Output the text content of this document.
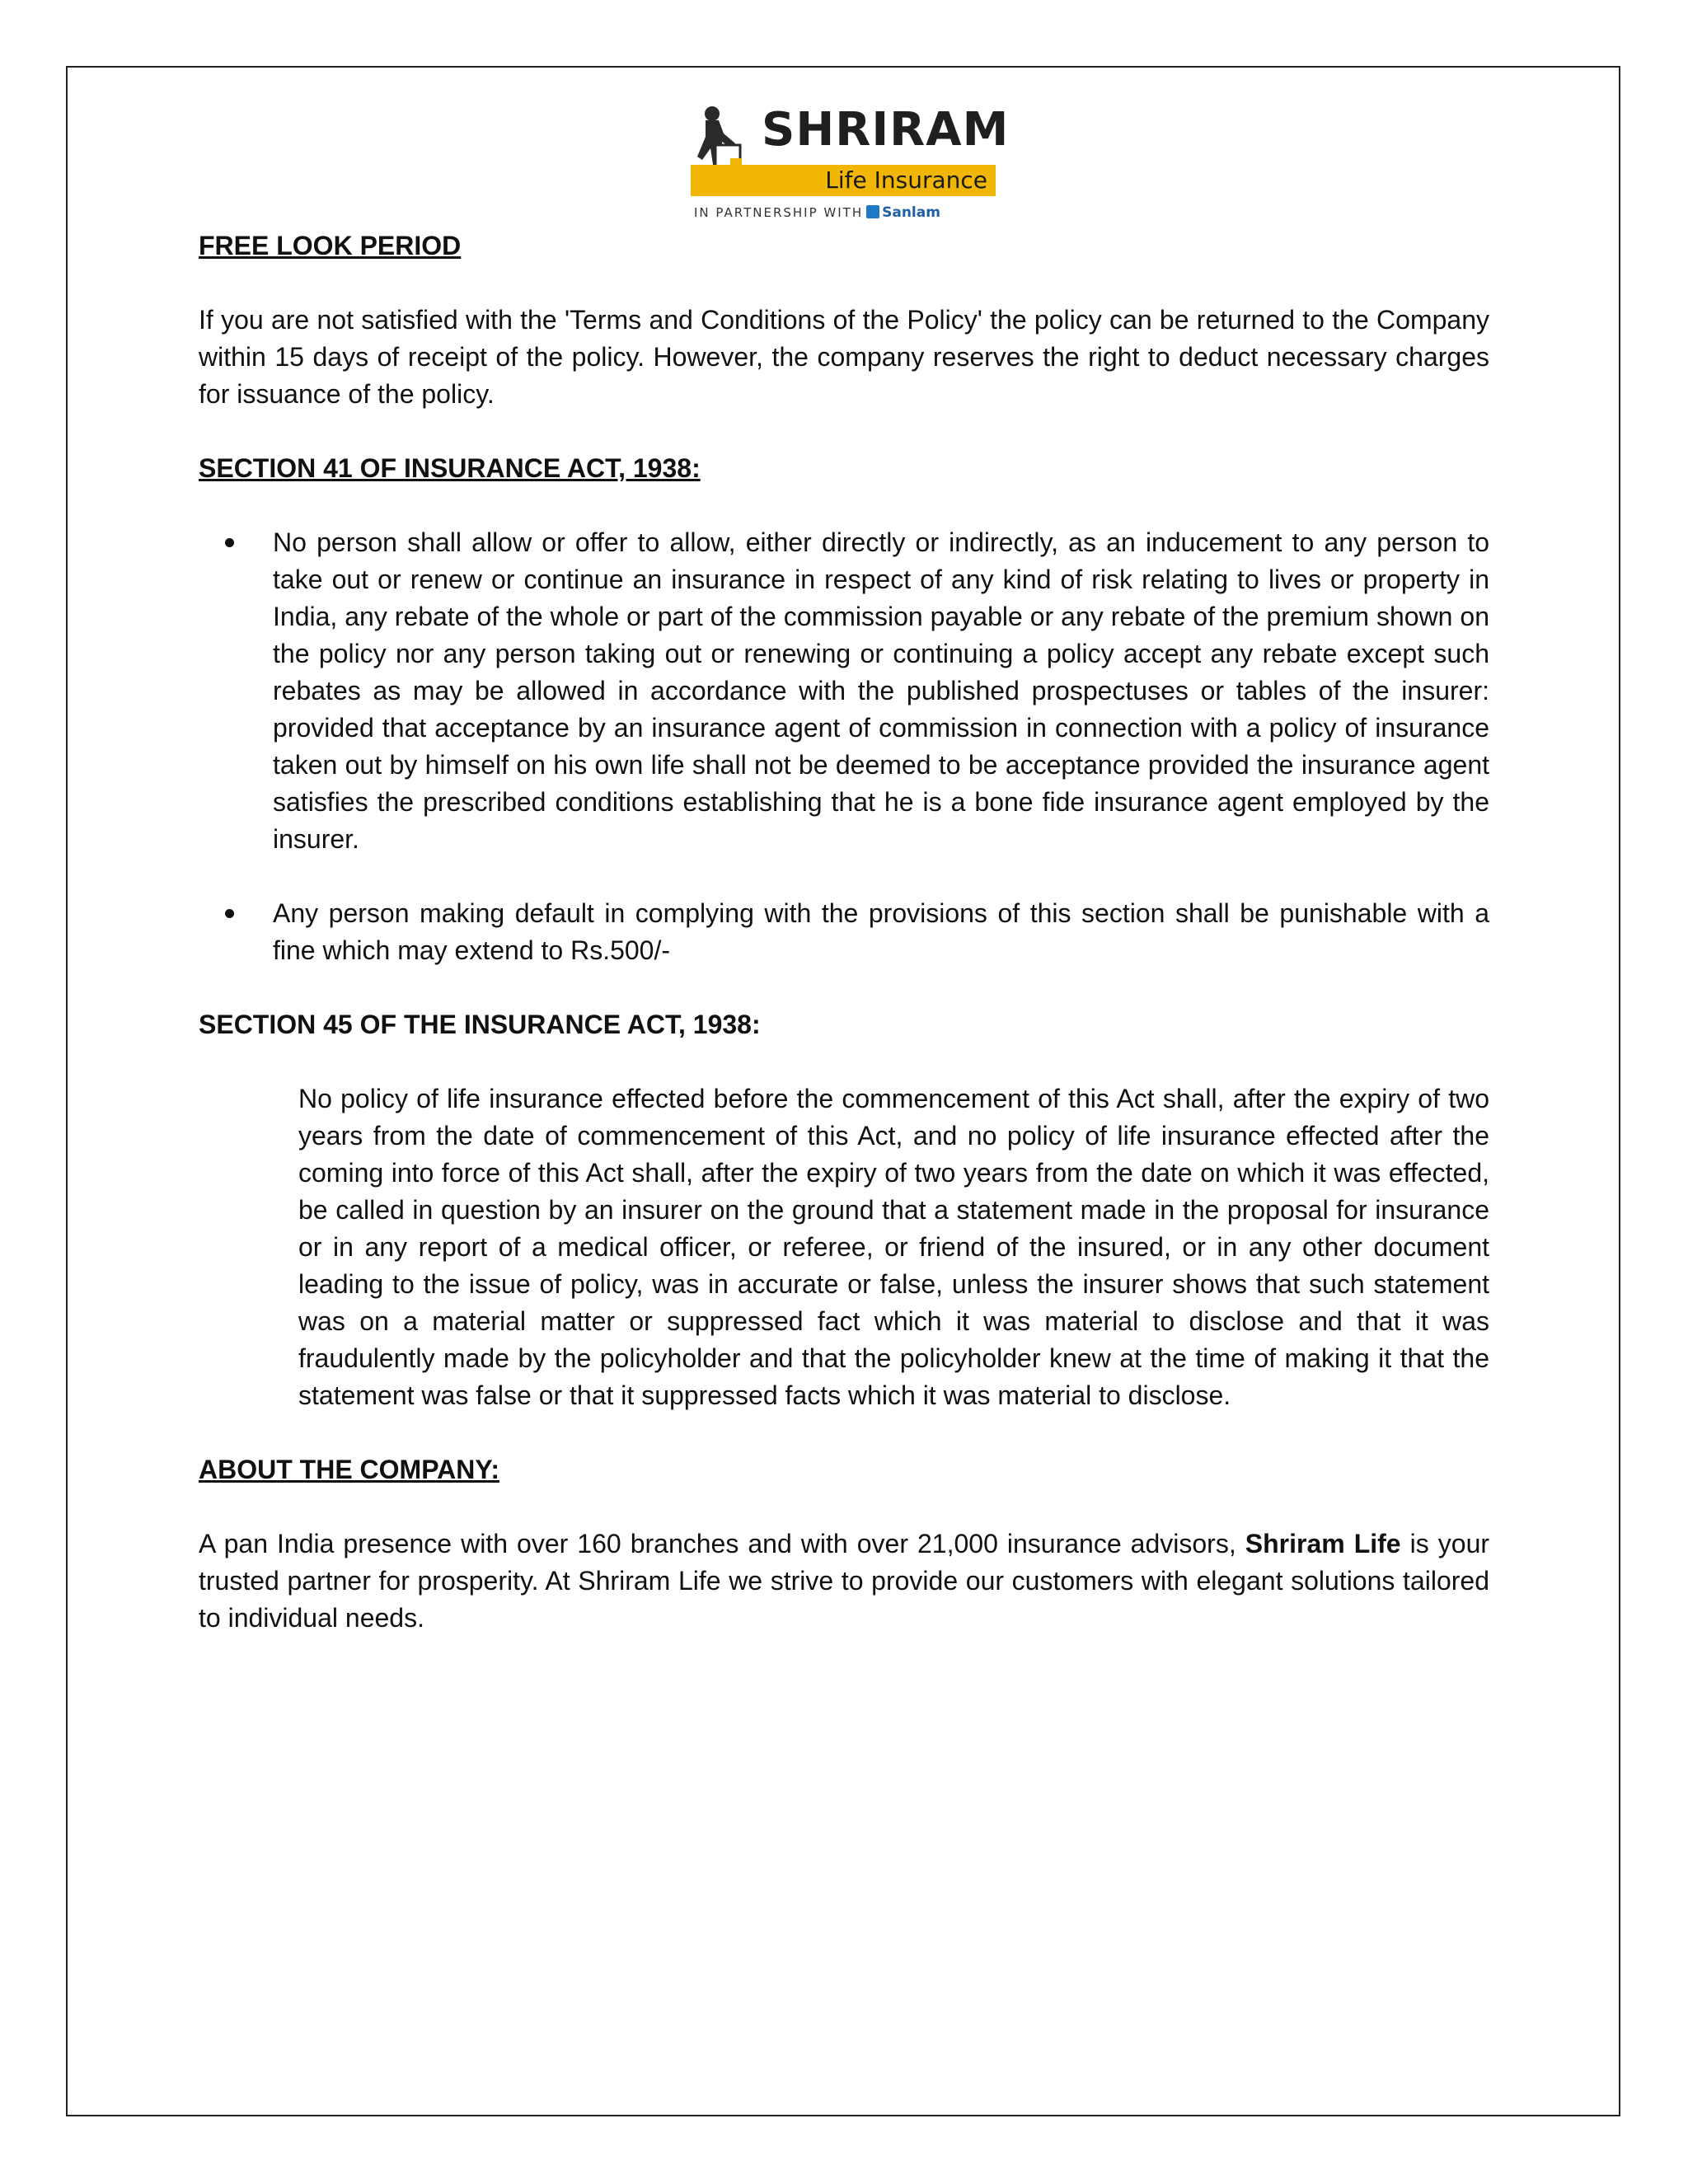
SHRIRAM
Life Insurance
IN PARTNERSHIP WITH Sanlam

FREE LOOK PERIOD

If you are not satisfied with the 'Terms and Conditions of the Policy' the policy can be returned to the Company within 15 days of receipt of the policy. However, the company reserves the right to deduct necessary charges for issuance of the policy.

SECTION 41 OF INSURANCE ACT, 1938:

No person shall allow or offer to allow, either directly or indirectly, as an inducement to any person to take out or renew or continue an insurance in respect of any kind of risk relating to lives or property in India, any rebate of the whole or part of the commission payable or any rebate of the premium shown on the policy nor any person taking out or renewing or continuing a policy accept any rebate except such rebates as may be allowed in accordance with the published prospectuses or tables of the insurer: provided that acceptance by an insurance agent of commission in connection with a policy of insurance taken out by himself on his own life shall not be deemed to be acceptance provided the insurance agent satisfies the prescribed conditions establishing that he is a bone fide insurance agent employed by the insurer.
Any person making default in complying with the provisions of this section shall be punishable with a fine which may extend to Rs.500/-

SECTION 45 OF THE INSURANCE ACT, 1938:

No policy of life insurance effected before the commencement of this Act shall, after the expiry of two years from the date of commencement of this Act, and no policy of life insurance effected after the coming into force of this Act shall, after the expiry of two years from the date on which it was effected, be called in question by an insurer on the ground that a statement made in the proposal for insurance or in any report of a medical officer, or referee, or friend of the insured, or in any other document leading to the issue of policy, was in accurate or false, unless the insurer shows that such statement was on a material matter or suppressed fact which it was material to disclose and that it was fraudulently made by the policyholder and that the policyholder knew at the time of making it that the statement was false or that it suppressed facts which it was material to disclose.

ABOUT THE COMPANY:

A pan India presence with over 160 branches and with over 21,000 insurance advisors, Shriram Life is your trusted partner for prosperity. At Shriram Life we strive to provide our customers with elegant solutions tailored to individual needs.
